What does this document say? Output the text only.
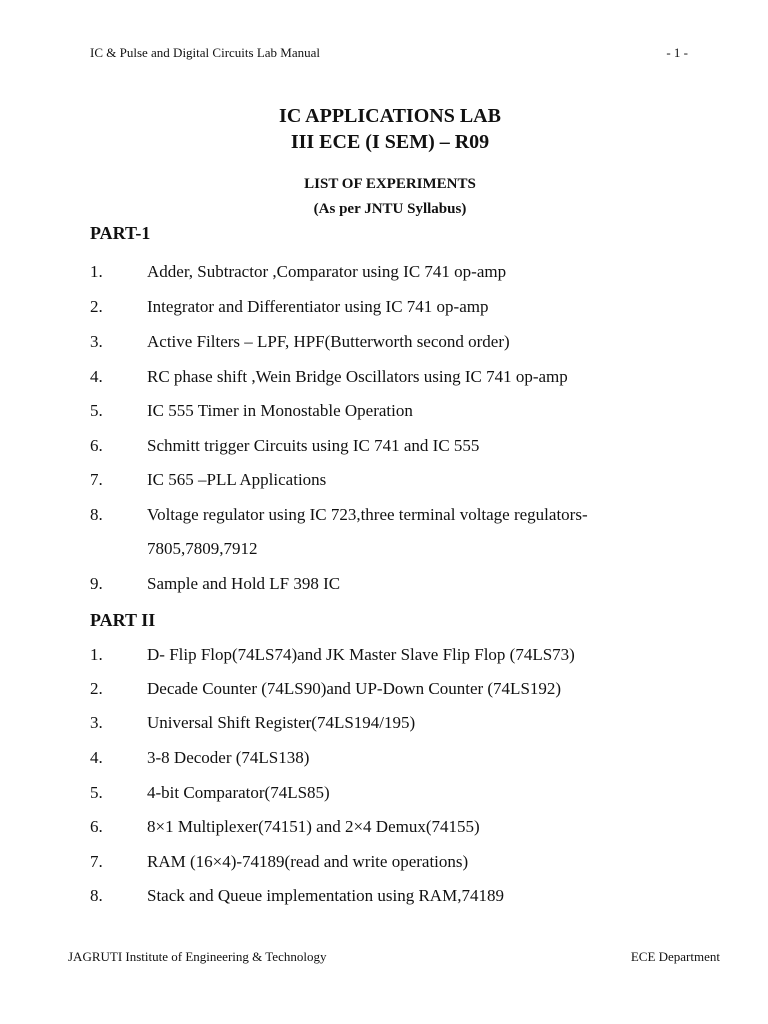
IC & Pulse and Digital Circuits Lab Manual	- 1 -
IC APPLICATIONS LAB
III ECE (I SEM) – R09
LIST OF EXPERIMENTS
(As per JNTU Syllabus)
PART-1
1.	Adder, Subtractor ,Comparator using IC 741 op-amp
2.	Integrator and Differentiator using IC 741 op-amp
3.	Active Filters – LPF, HPF(Butterworth second order)
4.	RC phase shift ,Wein Bridge Oscillators using IC 741 op-amp
5.	IC 555 Timer in Monostable Operation
6.	Schmitt trigger Circuits using IC 741 and IC 555
7.	IC 565 –PLL Applications
8.	Voltage regulator using IC 723,three terminal voltage regulators-
7805,7809,7912
9.	Sample and Hold LF 398 IC
PART II
1.	D- Flip Flop(74LS74)and JK Master Slave Flip Flop (74LS73)
2.	Decade Counter (74LS90)and UP-Down Counter (74LS192)
3.	Universal Shift Register(74LS194/195)
4.	3-8 Decoder (74LS138)
5.	4-bit Comparator(74LS85)
6.	8×1 Multiplexer(74151) and 2×4 Demux(74155)
7.	RAM (16×4)-74189(read and write operations)
8.	Stack and Queue implementation using RAM,74189
JAGRUTI Institute of Engineering & Technology	ECE Department
